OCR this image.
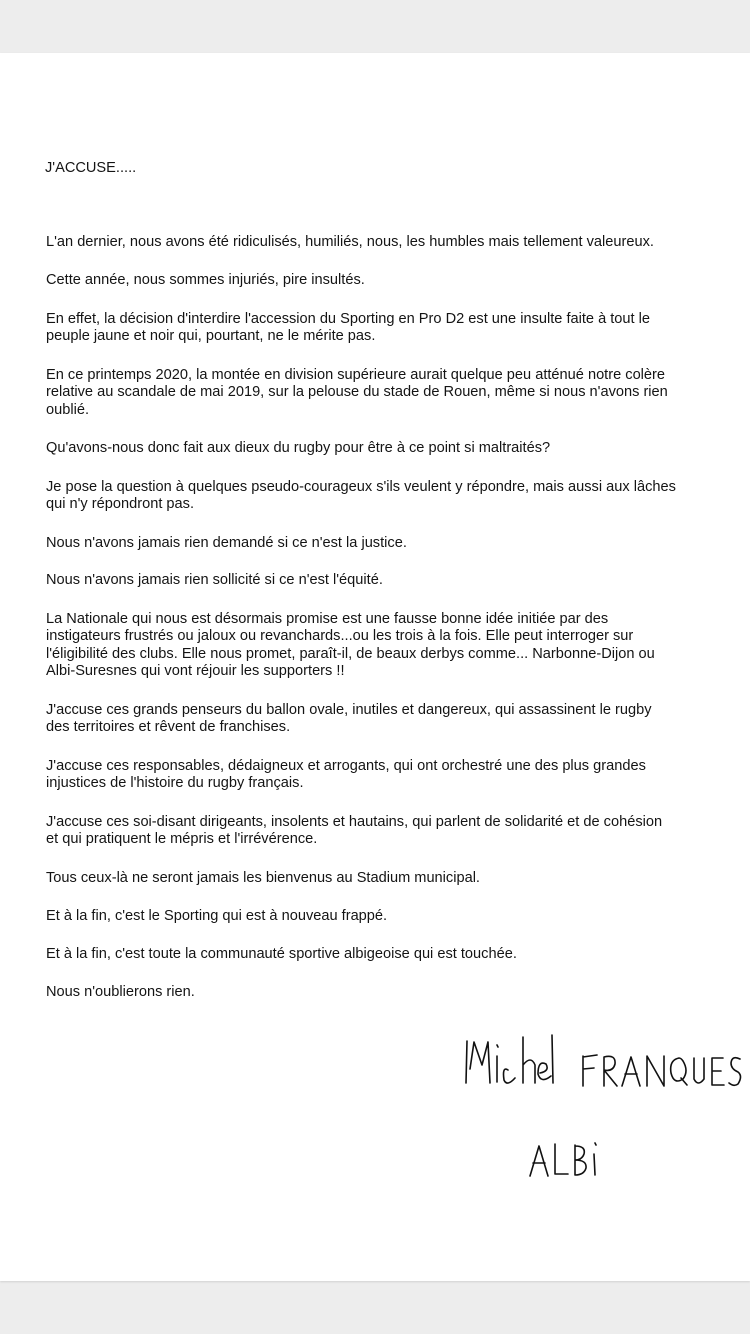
J'ACCUSE.....

L'an dernier, nous avons été ridiculisés, humiliés, nous, les humbles mais tellement valeureux.

Cette année, nous sommes injuriés, pire insultés.

En effet, la décision d'interdire l'accession du Sporting en Pro D2 est une insulte faite à tout le
peuple jaune et noir qui, pourtant, ne le mérite pas.

En ce printemps 2020, la montée en division supérieure aurait quelque peu atténué notre colère
relative au scandale de mai 2019, sur la pelouse du stade de Rouen, même si nous n'avons rien
oublié.

Qu'avons-nous donc fait aux dieux du rugby pour être à ce point si maltraités?

Je pose la question à quelques pseudo-courageux s'ils veulent y répondre, mais aussi aux lâches
qui n'y répondront pas.

Nous n'avons jamais rien demandé si ce n'est la justice.

Nous n'avons jamais rien sollicité si ce n'est l'équité.

La Nationale qui nous est désormais promise est une fausse bonne idée initiée par des
instigateurs frustrés ou jaloux ou revanchards...ou les trois à la fois. Elle peut interroger sur
l'éligibilité des clubs. Elle nous promet, paraît-il, de beaux derbys comme... Narbonne-Dijon ou
Albi-Suresnes qui vont réjouir les supporters !!

J'accuse ces grands penseurs du ballon ovale, inutiles et dangereux, qui assassinent le rugby
des territoires et rêvent de franchises.

J'accuse ces responsables, dédaigneux et arrogants, qui ont orchestré une des plus grandes
injustices de l'histoire du rugby français.

J'accuse ces soi-disant dirigeants, insolents et hautains, qui parlent de solidarité et de cohésion
et qui pratiquent le mépris et l'irrévérence.

Tous ceux-là ne seront jamais les bienvenus au Stadium municipal.

Et à la fin, c'est le Sporting qui est à nouveau frappé.

Et à la fin, c'est toute la communauté sportive albigeoise qui est touchée.

Nous n'oublierons rien.
